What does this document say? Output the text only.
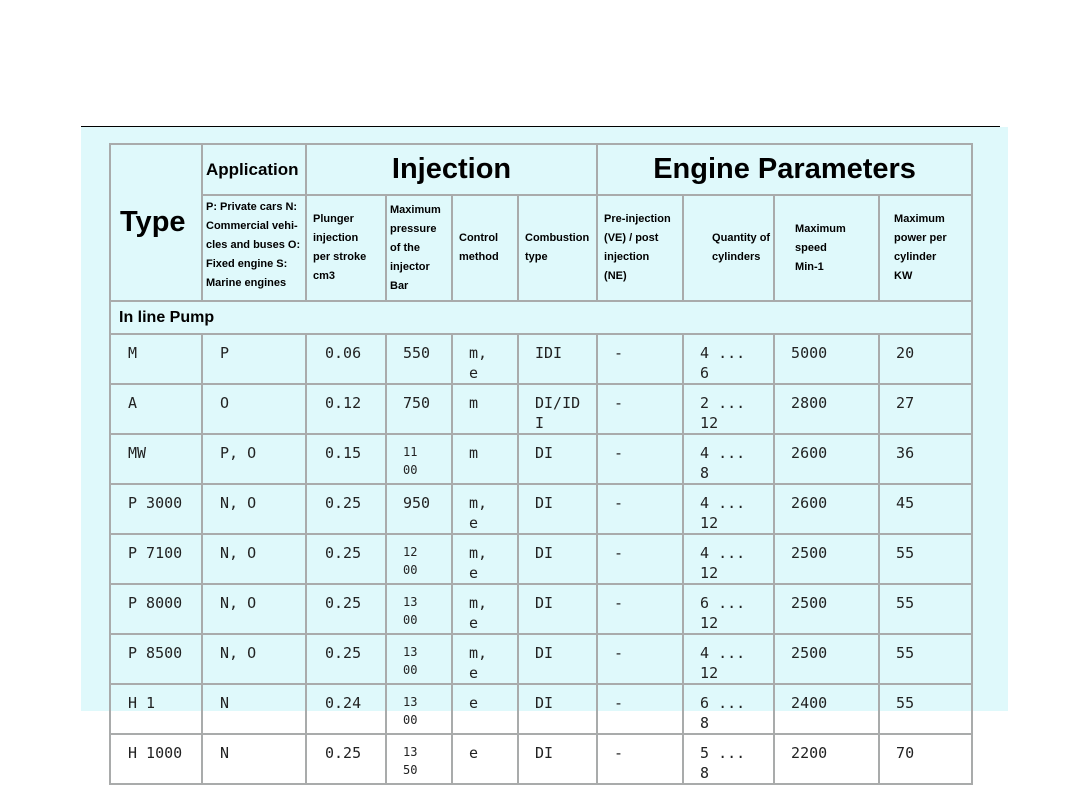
Type	Application	Injection				Engine Parameters			
	P: Private cars N:
Commercial vehi-
cles and buses O:
Fixed engine S:
Marine engines	Plunger
injection
per stroke
cm3	Maximum
pressure
of the
injector
Bar	Control
method	Combustion
type	Pre-injection
(VE) / post
injection
(NE)	Quantity of
cylinders	Maximum
speed
Min-1	Maximum
power per
cylinder
KW
In line Pump									
M	P	0.06	550	m,e	IDI	-	4 ...6	5000	20
A	O	0.12	750	m	DI/IDI	-	2 ...12	2800	27
MW	P, O	0.15	1100	m	DI	-	4 ...8	2600	36
P 3000	N, O	0.25	950	m,e	DI	-	4 ...12	2600	45
P 7100	N, O	0.25	1200	m,e	DI	-	4 ...12	2500	55
P 8000	N, O	0.25	1300	m,e	DI	-	6 ...12	2500	55
P 8500	N, O	0.25	1300	m,e	DI	-	4 ...12	2500	55
H 1	N	0.24	1300	e	DI	-	6 ...8	2400	55
H 1000	N	0.25	1350	e	DI	-	5 ...8	2200	70
